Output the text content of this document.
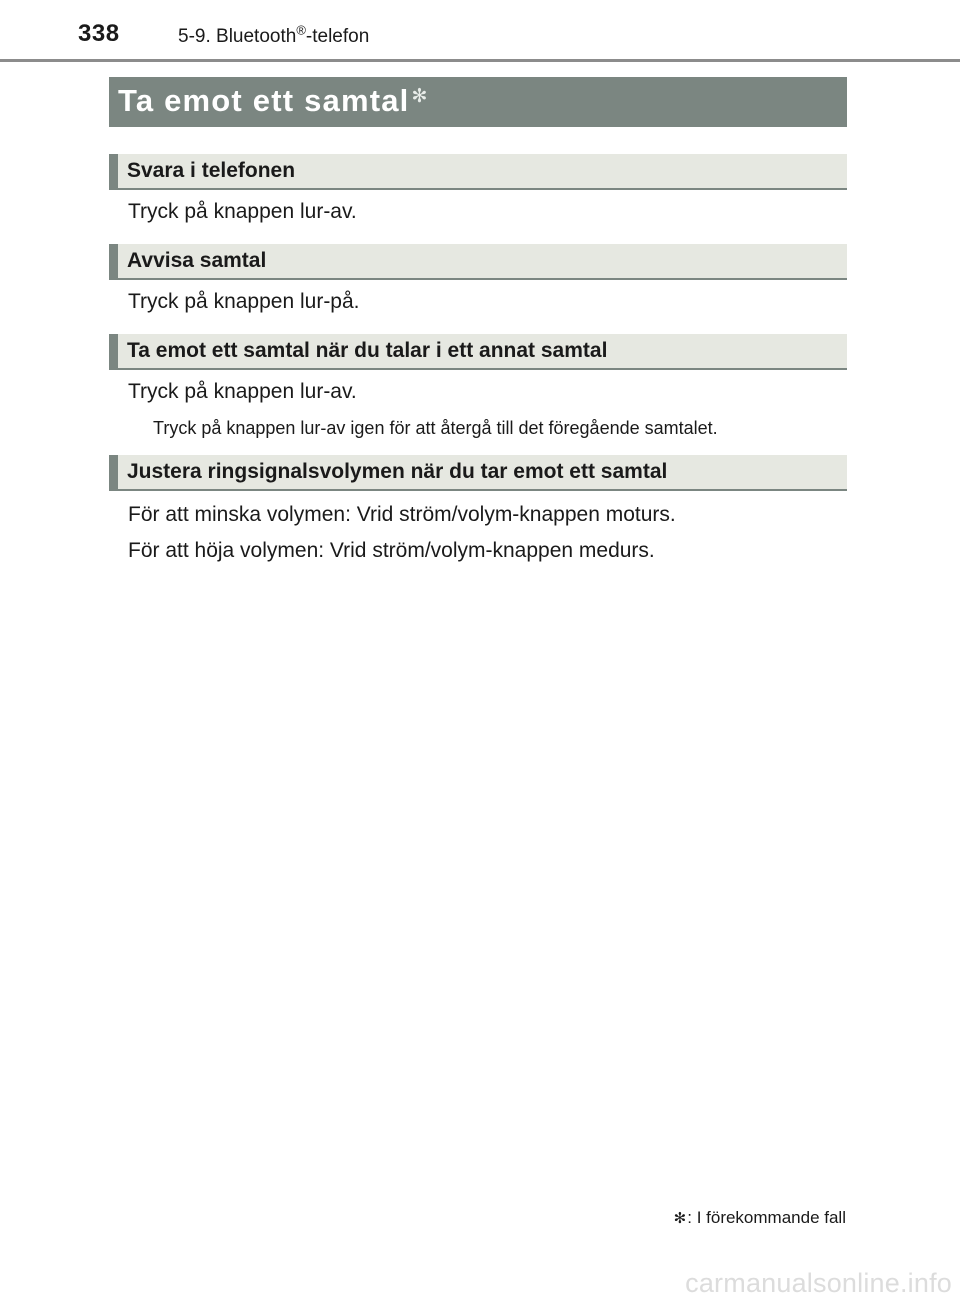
338	5-9. Bluetooth®-telefon
Ta emot ett samtal ✻
Svara i telefonen
Tryck på knappen lur-av.
Avvisa samtal
Tryck på knappen lur-på.
Ta emot ett samtal när du talar i ett annat samtal
Tryck på knappen lur-av.
Tryck på knappen lur-av igen för att återgå till det föregående samtalet.
Justera ringsignalsvolymen när du tar emot ett samtal
För att minska volymen: Vrid ström/volym-knappen moturs.
För att höja volymen: Vrid ström/volym-knappen medurs.
✻: I förekommande fall
carmanualsonline.info
